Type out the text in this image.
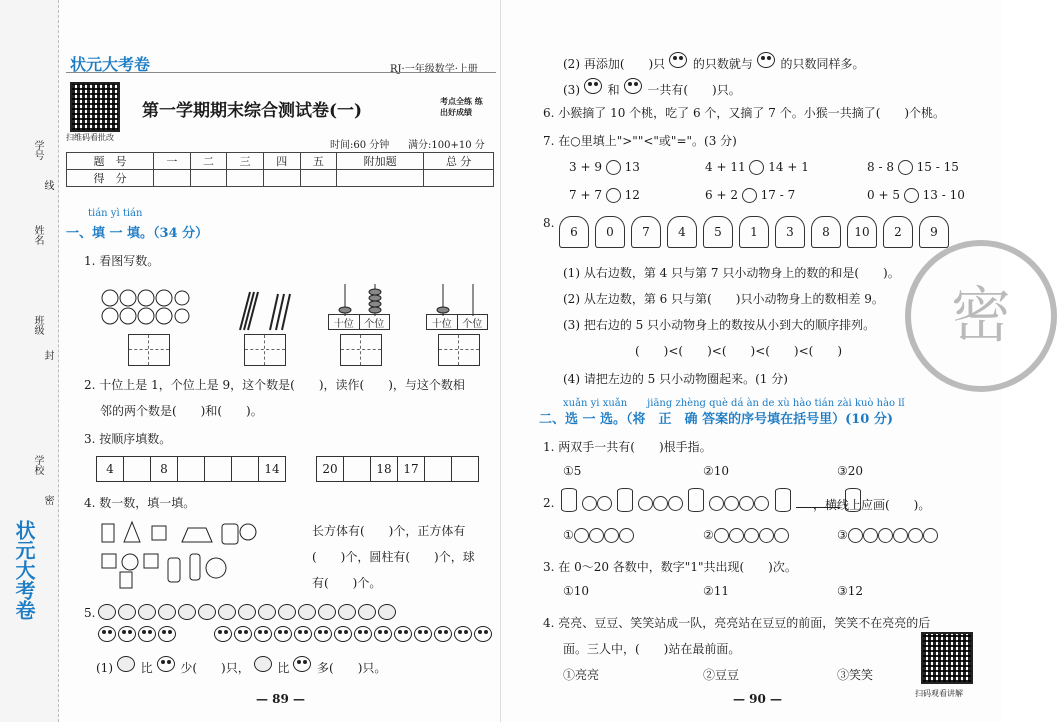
学号
线
姓名
班级
封
学校
密
状元大考卷
状元大考卷	RJ·一年级数学·上册
扫维码看批改
第一学期期末综合测试卷(一)	考点全练 练出好成绩
时间:60 分钟 满分:100+10 分
题　号	一	二	三	四	五	附加题	总 分
得　分							
tián yì tián
一、填 一 填。（34 分）
1. 看图写数。
十位	个位	十位	个位
2. 十位上是 1，个位上是 9，这个数是(　　)，读作(　　)，与这个数相
邻的两个数是(　　)和(　　)。
3. 按顺序填数。
4		8				14	20		18	17		
4. 数一数，填一填。
长方体有(　　)个，正方体有
(　　)个，圆柱有(　　)个，球
有(　　)个。
5.
(1) 比 少(　　)只， 比 多(　　)只。
— 89 —
(2) 再添加(　　)只 的只数就与 的只数同样多。
(3) 和 一共有(　　)只。
6. 小猴摘了 10 个桃，吃了 6 个，又摘了 7 个。小猴一共摘了(　　)个桃。
7. 在○里填上">""<"或"="。(3 分)
3 + 9 13	4 + 11 14 + 1	8 - 8 15 - 15
7 + 7 12	6 + 2 17 - 7	0 + 5 13 - 10
8.
6	0	7	4	5	1	3	8	10	2	9
(1) 从右边数，第 4 只与第 7 只小动物身上的数的和是(　　)。
(2) 从左边数，第 6 只与第(　　)只小动物身上的数相差 9。
(3) 把右边的 5 只小动物身上的数按从小到大的顺序排列。
(　　)<(　　)<(　　)<(　　)<(　　)
(4) 请把左边的 5 只小动物圈起来。(1 分)
xuǎn yi xuǎn　　jiāng zhèng què dá àn de xù hào tián zài kuò hào lǐ
二、选 一 选。（将　正　确 答案的序号填在括号里）(10 分)
1. 两双手一共有(　　)根手指。
①5	②10	③20
2.
	，横线上应画(　　)。
①	②	③
3. 在 0～20 各数中，数字"1"共出现(　　)次。
①10	②11	③12
4. 亮亮、豆豆、笑笑站成一队，亮亮站在豆豆的前面，笑笑不在亮亮的后
面。三人中，(　　)站在最前面。
①亮亮	②豆豆	③笑笑
扫码观看讲解
— 90 —
密
